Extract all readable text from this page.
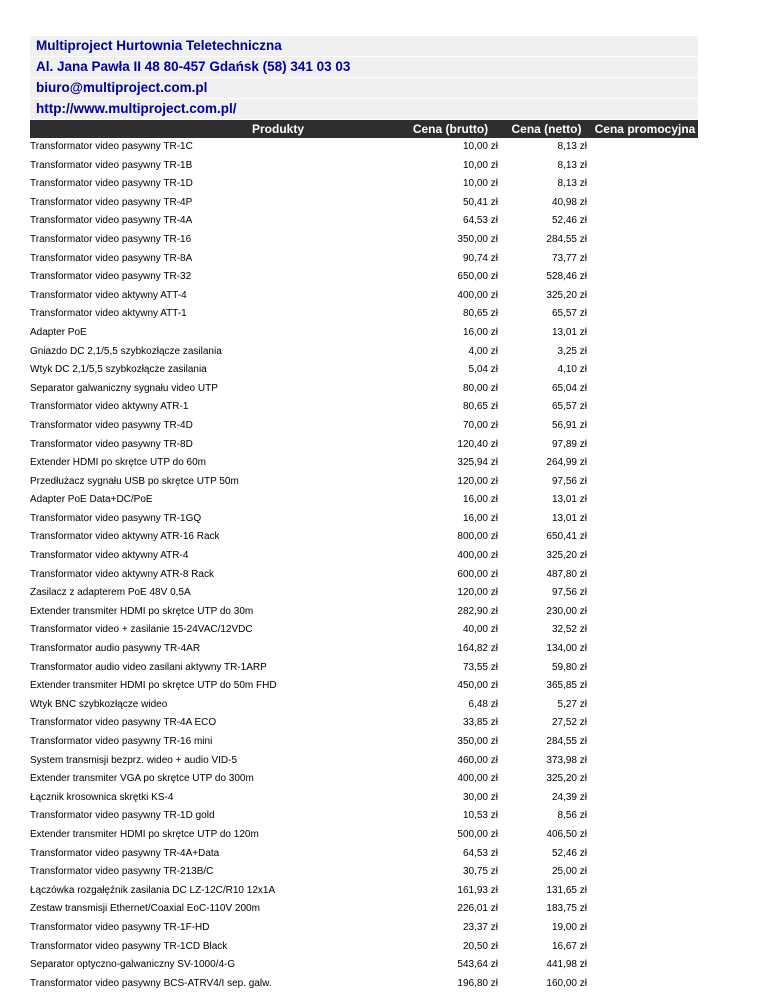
Multiproject Hurtownia Teletechniczna
Al. Jana Pawła II 48 80-457 Gdańsk (58) 341 03 03
biuro@multiproject.com.pl
http://www.multiproject.com.pl/
Produkty	Cena (brutto)	Cena (netto)	Cena promocyjna
Transformator video pasywny TR-1C	10,00 zł	8,13 zł
Transformator video pasywny TR-1B	10,00 zł	8,13 zł
Transformator video pasywny TR-1D	10,00 zł	8,13 zł
Transformator video pasywny TR-4P	50,41 zł	40,98 zł
Transformator video pasywny TR-4A	64,53 zł	52,46 zł
Transformator video pasywny TR-16	350,00 zł	284,55 zł
Transformator video pasywny TR-8A	90,74 zł	73,77 zł
Transformator video pasywny TR-32	650,00 zł	528,46 zł
Transformator video aktywny ATT-4	400,00 zł	325,20 zł
Transformator video aktywny ATT-1	80,65 zł	65,57 zł
Adapter PoE	16,00 zł	13,01 zł
Gniazdo DC 2,1/5,5 szybkozłącze zasilania	4,00 zł	3,25 zł
Wtyk DC 2,1/5,5 szybkozłącze zasilania	5,04 zł	4,10 zł
Separator galwaniczny sygnału video UTP	80,00 zł	65,04 zł
Transformator video aktywny ATR-1	80,65 zł	65,57 zł
Transformator video pasywny TR-4D	70,00 zł	56,91 zł
Transformator video pasywny TR-8D	120,40 zł	97,89 zł
Extender HDMI po skrętce UTP do 60m	325,94 zł	264,99 zł
Przedłużacz sygnału USB po skrętce UTP 50m	120,00 zł	97,56 zł
Adapter PoE Data+DC/PoE	16,00 zł	13,01 zł
Transformator video pasywny TR-1GQ	16,00 zł	13,01 zł
Transformator video aktywny ATR-16 Rack	800,00 zł	650,41 zł
Transformator video aktywny ATR-4	400,00 zł	325,20 zł
Transformator video aktywny ATR-8 Rack	600,00 zł	487,80 zł
Zasilacz z adapterem PoE 48V 0,5A	120,00 zł	97,56 zł
Extender transmiter HDMI po skrętce UTP do 30m	282,90 zł	230,00 zł
Transformator video + zasilanie 15-24VAC/12VDC	40,00 zł	32,52 zł
Transformator audio pasywny TR-4AR	164,82 zł	134,00 zł
Transformator audio video zasilani aktywny TR-1ARP	73,55 zł	59,80 zł
Extender transmiter HDMI po skrętce UTP do 50m FHD	450,00 zł	365,85 zł
Wtyk BNC szybkozłącze wideo	6,48 zł	5,27 zł
Transformator video pasywny TR-4A ECO	33,85 zł	27,52 zł
Transformator video pasywny TR-16 mini	350,00 zł	284,55 zł
System transmisji bezprz. wideo + audio VID-5	460,00 zł	373,98 zł
Extender transmiter VGA po skrętce UTP do 300m	400,00 zł	325,20 zł
Łącznik krosownica skrętki KS-4	30,00 zł	24,39 zł
Transformator video pasywny TR-1D gold	10,53 zł	8,56 zł
Extender transmiter HDMI po skrętce UTP do 120m	500,00 zł	406,50 zł
Transformator video pasywny TR-4A+Data	64,53 zł	52,46 zł
Transformator video pasywny TR-213B/C	30,75 zł	25,00 zł
Łączówka rozgałęźnik zasilania DC LZ-12C/R10 12x1A	161,93 zł	131,65 zł
Zestaw transmisji Ethernet/Coaxial EoC-110V 200m	226,01 zł	183,75 zł
Transformator video pasywny TR-1F-HD	23,37 zł	19,00 zł
Transformator video pasywny TR-1CD Black	20,50 zł	16,67 zł
Separator optyczno-galwaniczny SV-1000/4-G	543,64 zł	441,98 zł
Transformator video pasywny BCS-ATRV4/I sep. galw.	196,80 zł	160,00 zł
